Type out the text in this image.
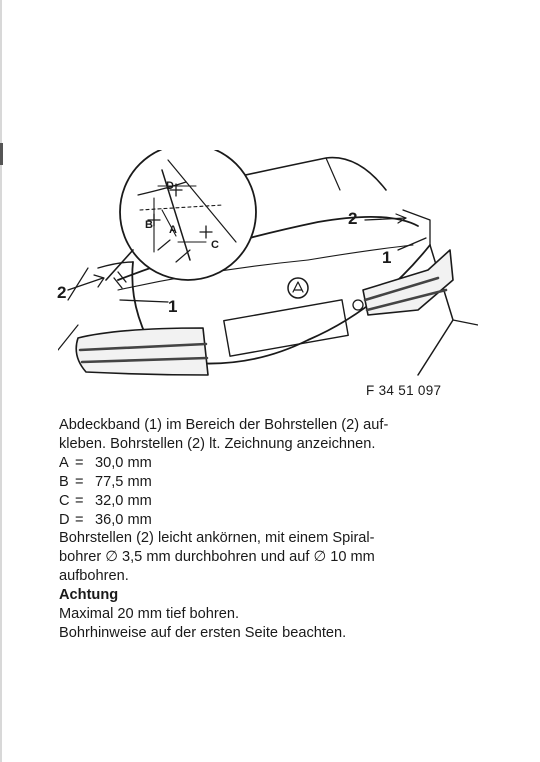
2
1
2
1
D
B A
C
F 34 51 097
Abdeckband (1) im Bereich der Bohrstellen (2) auf-
kleben. Bohrstellen (2) lt. Zeichnung anzeichnen.
A = 30,0 mm
B = 77,5 mm
C = 32,0 mm
D = 36,0 mm
Bohrstellen (2) leicht ankörnen, mit einem Spiral-
bohrer ∅ 3,5 mm durchbohren und auf ∅ 10 mm
aufbohren.
Achtung
Maximal 20 mm tief bohren.
Bohrhinweise auf der ersten Seite beachten.
